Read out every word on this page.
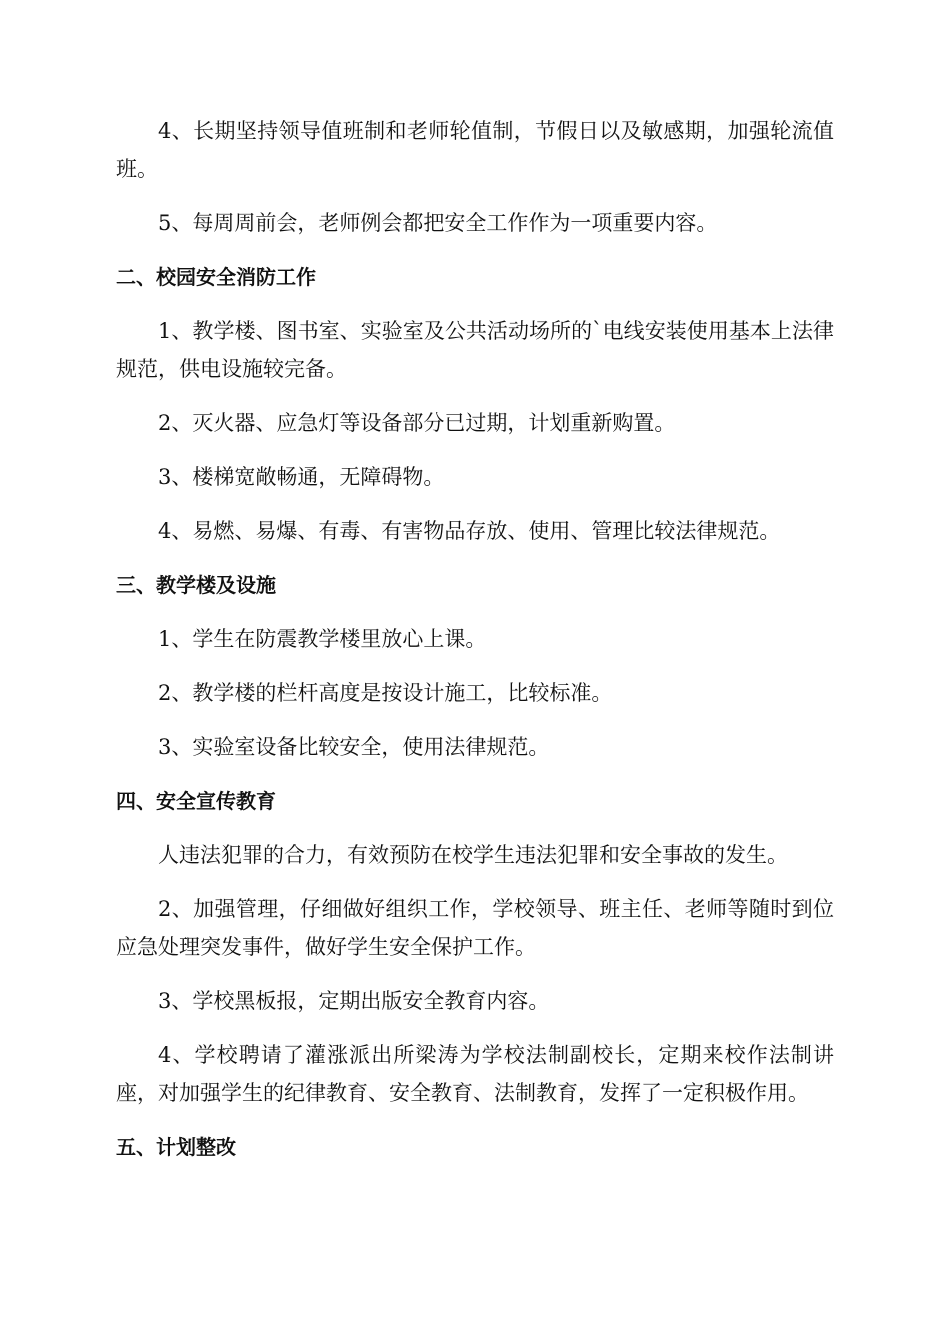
4、长期坚持领导值班制和老师轮值制，节假日以及敏感期，加强轮流值班。

5、每周周前会，老师例会都把安全工作作为一项重要内容。

二、校园安全消防工作

1、教学楼、图书室、实验室及公共活动场所的`电线安装使用基本上法律规范，供电设施较完备。

2、灭火器、应急灯等设备部分已过期，计划重新购置。

3、楼梯宽敞畅通，无障碍物。

4、易燃、易爆、有毒、有害物品存放、使用、管理比较法律规范。

三、教学楼及设施

1、学生在防震教学楼里放心上课。

2、教学楼的栏杆高度是按设计施工，比较标准。

3、实验室设备比较安全，使用法律规范。

四、安全宣传教育

人违法犯罪的合力，有效预防在校学生违法犯罪和安全事故的发生。

2、加强管理，仔细做好组织工作，学校领导、班主任、老师等随时到位应急处理突发事件，做好学生安全保护工作。

3、学校黑板报，定期出版安全教育内容。

4、学校聘请了灌涨派出所梁涛为学校法制副校长，定期来校作法制讲座，对加强学生的纪律教育、安全教育、法制教育，发挥了一定积极作用。

五、计划整改
